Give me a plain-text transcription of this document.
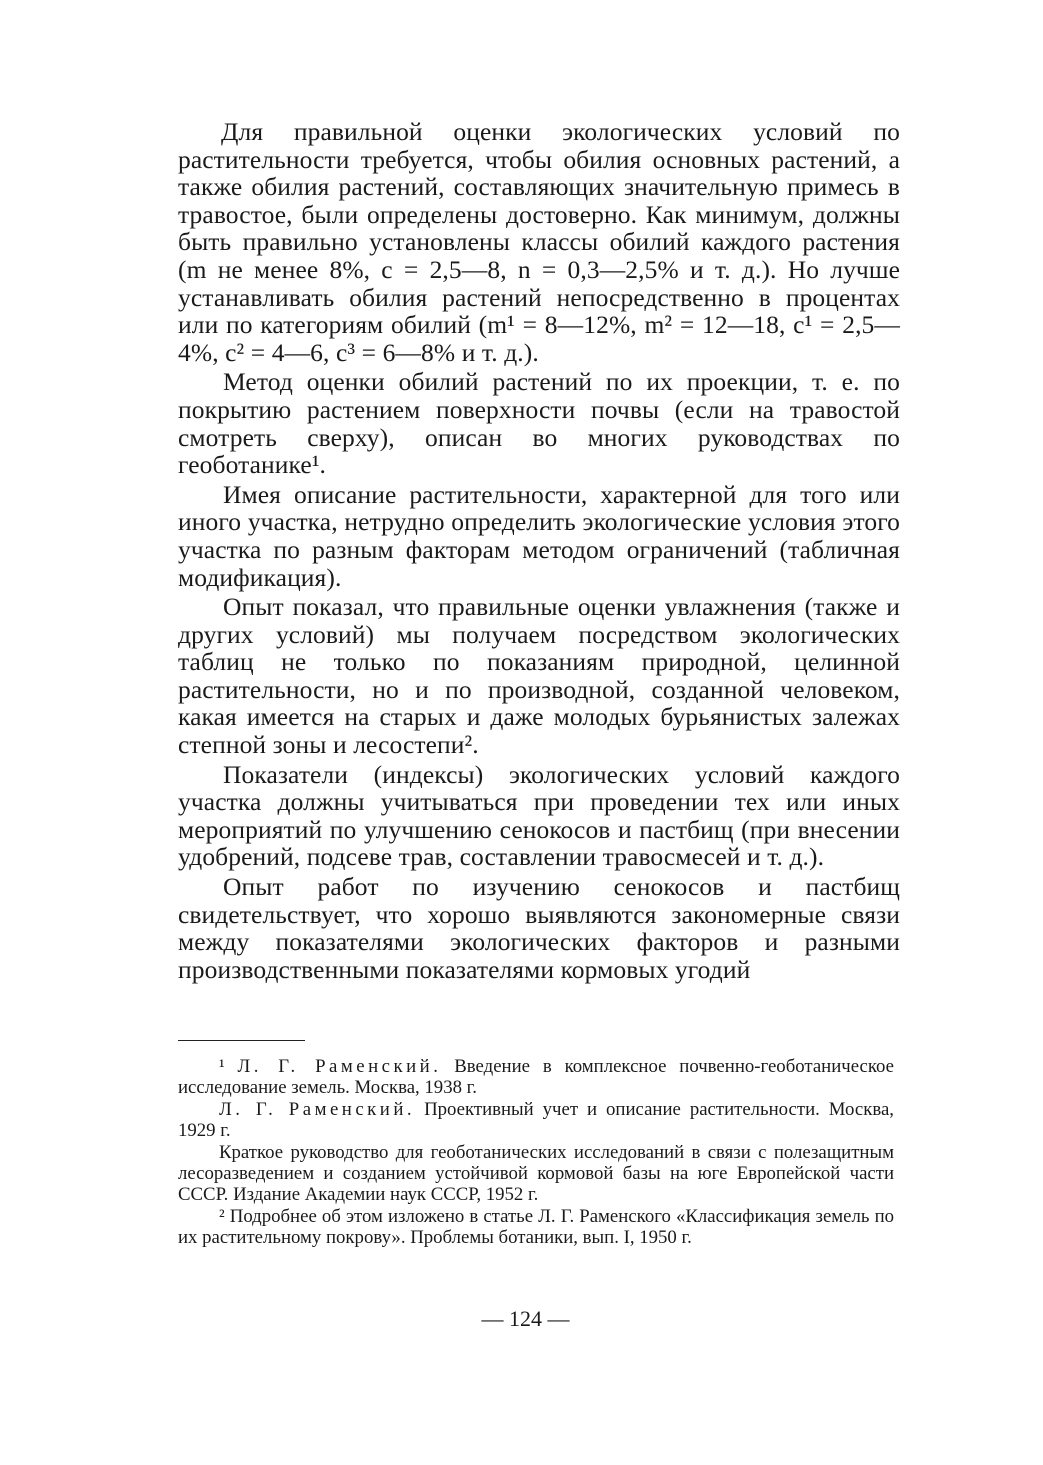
Для правильной оценки экологических условий по растительности требуется, чтобы обилия основных растений, а также обилия растений, составляющих значительную примесь в травостое, были определены достоверно. Как минимум, должны быть правильно установлены классы обилий каждого растения (m не менее 8%, c = 2,5—8, n = 0,3—2,5% и т. д.). Но лучше устанавливать обилия растений непосредственно в процентах или по категориям обилий (m¹ = 8—12%, m² = 12—18, c¹ = 2,5—4%, c² = 4—6, c³ = 6—8% и т. д.).

Метод оценки обилий растений по их проекции, т. е. по покрытию растением поверхности почвы (если на травостой смотреть сверху), описан во многих руководствах по геоботанике¹.

Имея описание растительности, характерной для того или иного участка, нетрудно определить экологические условия этого участка по разным факторам методом ограничений (табличная модификация).

Опыт показал, что правильные оценки увлажнения (также и других условий) мы получаем посредством экологических таблиц не только по показаниям природной, целинной растительности, но и по производной, созданной человеком, какая имеется на старых и даже молодых бурьянистых залежах степной зоны и лесостепи².

Показатели (индексы) экологических условий каждого участка должны учитываться при проведении тех или иных мероприятий по улучшению сенокосов и пастбищ (при внесении удобрений, подсеве трав, составлении травосмесей и т. д.).

Опыт работ по изучению сенокосов и пастбищ свидетельствует, что хорошо выявляются закономерные связи между показателями экологических факторов и разными производственными показателями кормовых угодий

¹ Л. Г. Раменский. Введение в комплексное почвенно-геоботаническое исследование земель. Москва, 1938 г.

Л. Г. Раменский. Проективный учет и описание растительности. Москва, 1929 г.

Краткое руководство для геоботанических исследований в связи с полезащитным лесоразведением и созданием устойчивой кормовой базы на юге Европейской части СССР. Издание Академии наук СССР, 1952 г.

² Подробнее об этом изложено в статье Л. Г. Раменского «Классификация земель по их растительному покрову». Проблемы ботаники, вып. I, 1950 г.

— 124 —
